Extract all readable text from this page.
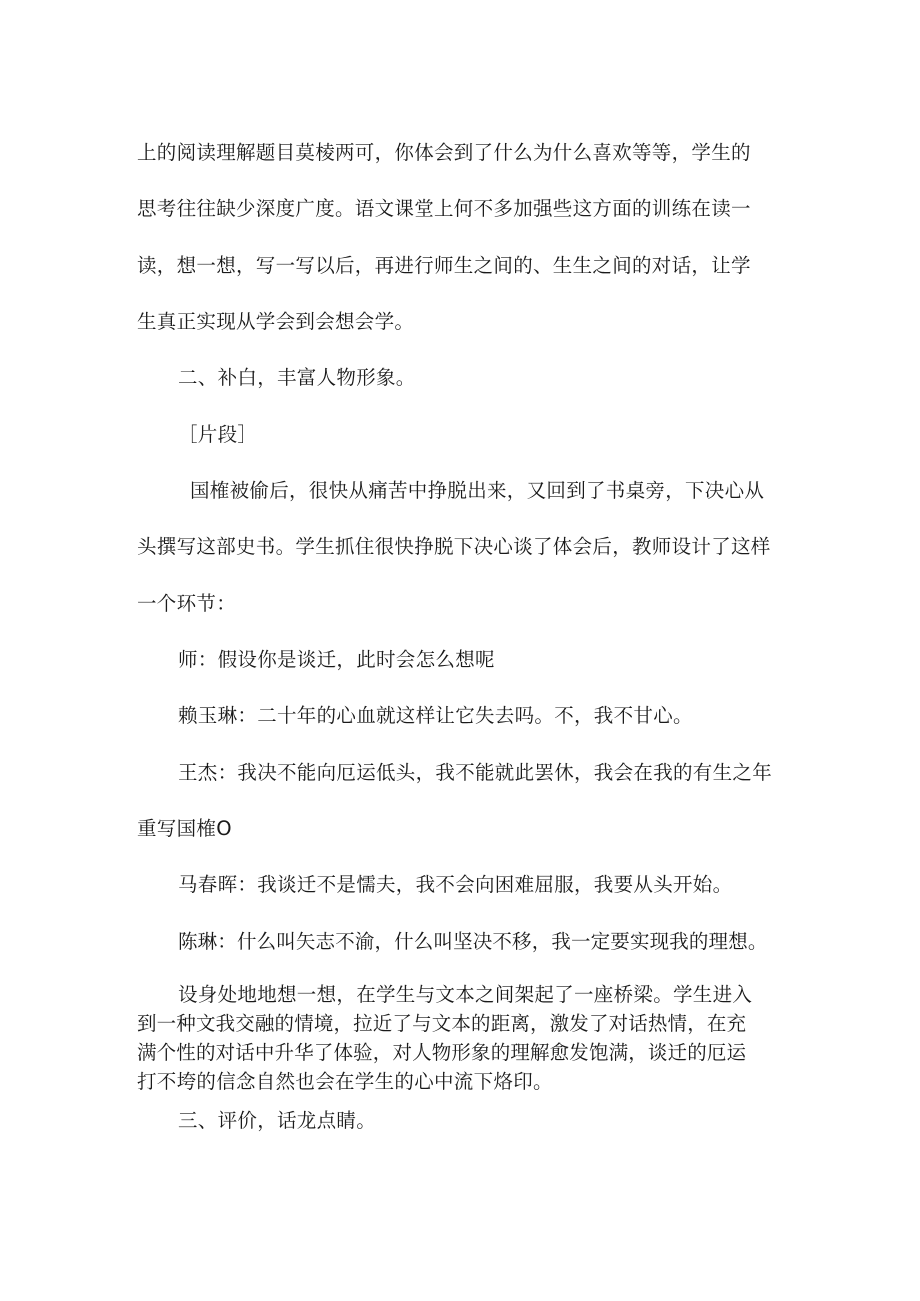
上的阅读理解题目莫棱两可，你体会到了什么为什么喜欢等等，学生的
思考往往缺少深度广度。语文课堂上何不多加强些这方面的训练在读一
读，想一想，写一写以后，再进行师生之间的、生生之间的对话，让学
生真正实现从学会到会想会学。
二、补白，丰富人物形象。
［片段］
国榷被偷后，很快从痛苦中挣脱出来，又回到了书桌旁，下决心从
头撰写这部史书。学生抓住很快挣脱下决心谈了体会后，教师设计了这样
一个环节：
师：假设你是谈迁，此时会怎么想呢
赖玉琳：二十年的心血就这样让它失去吗。不，我不甘心。
王杰：我决不能向厄运低头，我不能就此罢休，我会在我的有生之年
重写国榷O
马春晖：我谈迁不是懦夫，我不会向困难屈服，我要从头开始。
陈琳：什么叫矢志不渝，什么叫坚决不移，我一定要实现我的理想。
设身处地地想一想，在学生与文本之间架起了一座桥梁。学生进入
到一种文我交融的情境，拉近了与文本的距离，激发了对话热情，在充
满个性的对话中升华了体验，对人物形象的理解愈发饱满，谈迁的厄运
打不垮的信念自然也会在学生的心中流下烙印。
三、评价，话龙点睛。
